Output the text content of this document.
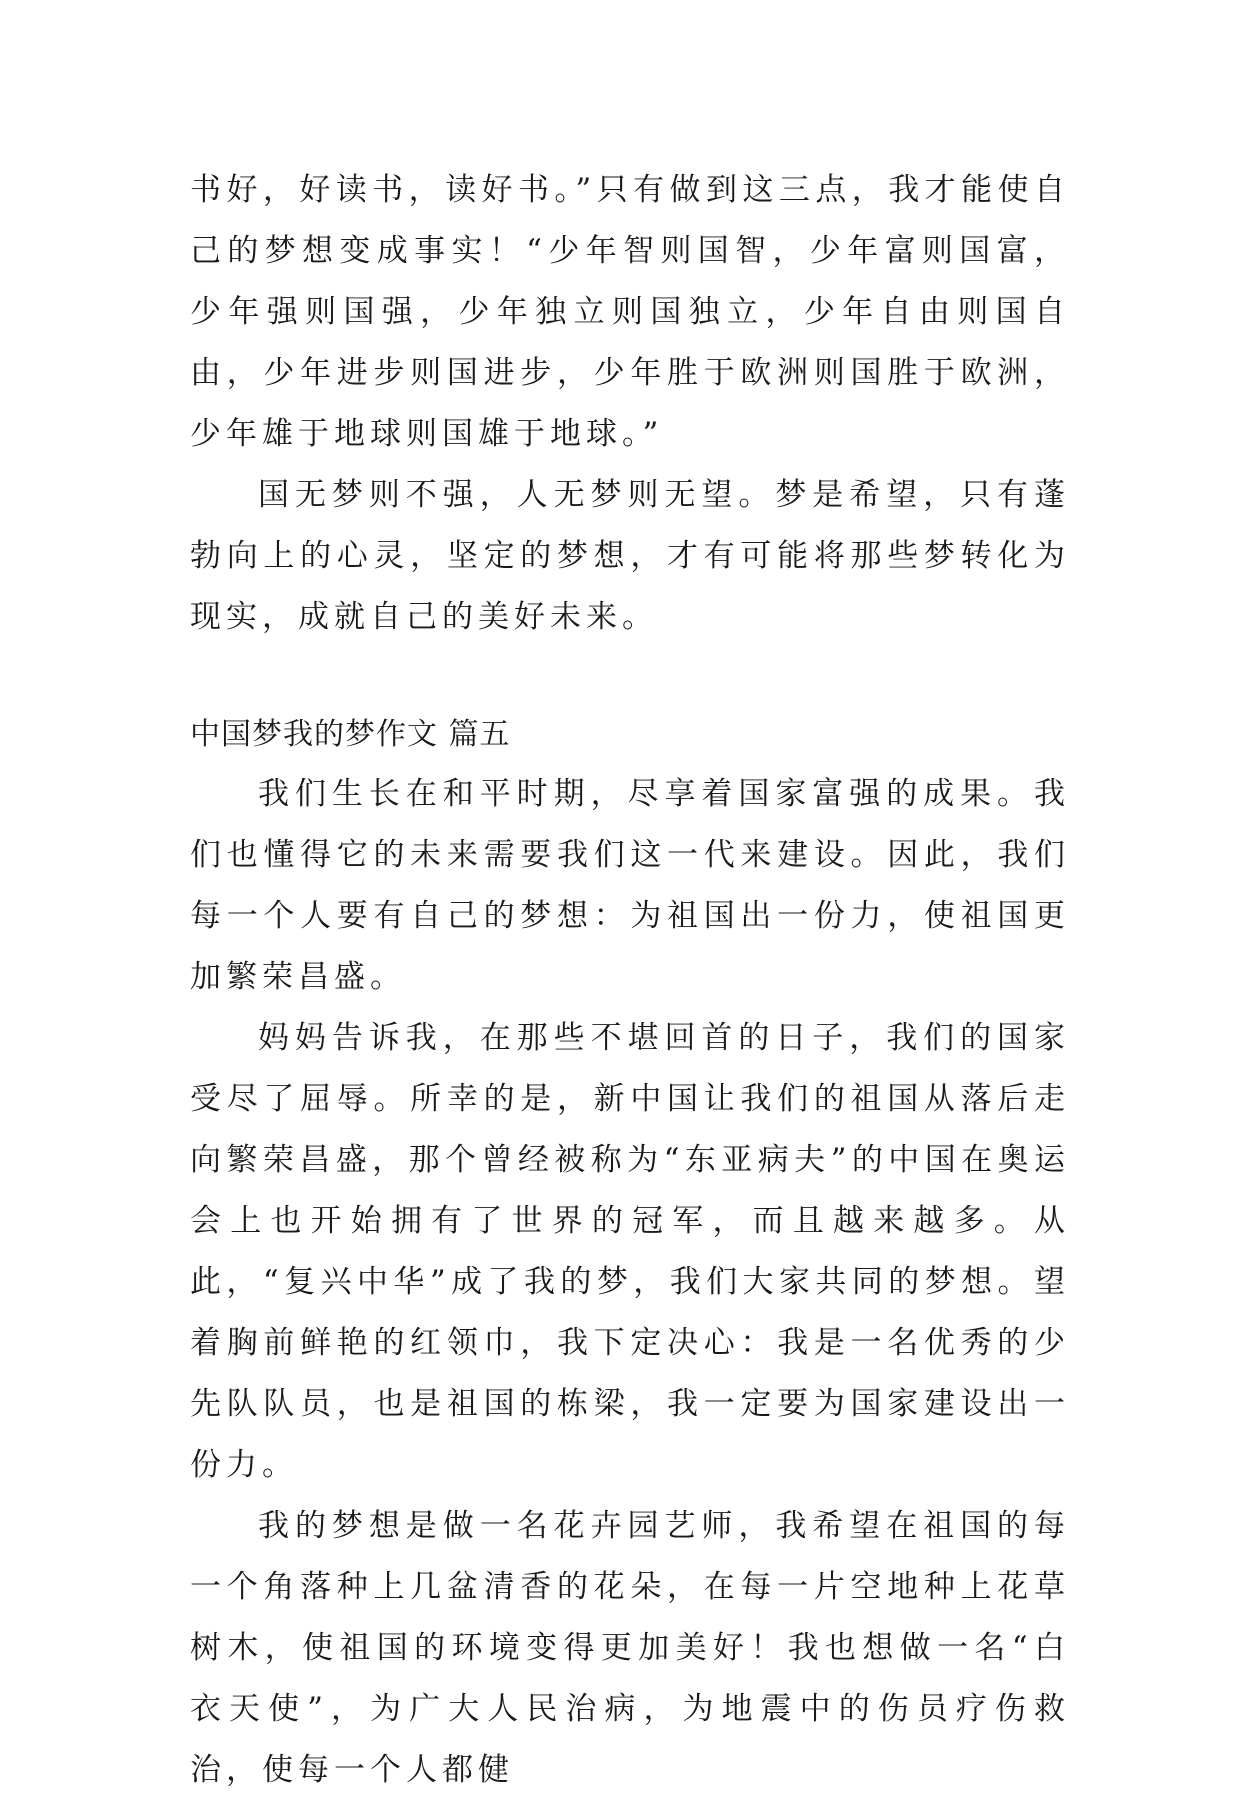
书好，好读书，读好书。”只有做到这三点，我才能使自己的梦想变成事实！“少年智则国智，少年富则国富，少年强则国强，少年独立则国独立，少年自由则国自由，少年进步则国进步，少年胜于欧洲则国胜于欧洲，少年雄于地球则国雄于地球。”

国无梦则不强，人无梦则无望。梦是希望，只有蓬勃向上的心灵，坚定的梦想，才有可能将那些梦转化为现实，成就自己的美好未来。

中国梦我的梦作文 篇五

我们生长在和平时期，尽享着国家富强的成果。我们也懂得它的未来需要我们这一代来建设。因此，我们每一个人要有自己的梦想：为祖国出一份力，使祖国更加繁荣昌盛。

妈妈告诉我，在那些不堪回首的日子，我们的国家受尽了屈辱。所幸的是，新中国让我们的祖国从落后走向繁荣昌盛，那个曾经被称为“东亚病夫”的中国在奥运会上也开始拥有了世界的冠军，而且越来越多。从此，“复兴中华”成了我的梦，我们大家共同的梦想。望着胸前鲜艳的红领巾，我下定决心：我是一名优秀的少先队队员，也是祖国的栋梁，我一定要为国家建设出一份力。

我的梦想是做一名花卉园艺师，我希望在祖国的每一个角落种上几盆清香的花朵，在每一片空地种上花草树木，使祖国的环境变得更加美好！我也想做一名“白衣天使”，为广大人民治病，为地震中的伤员疗伤救治，使每一个人都健
